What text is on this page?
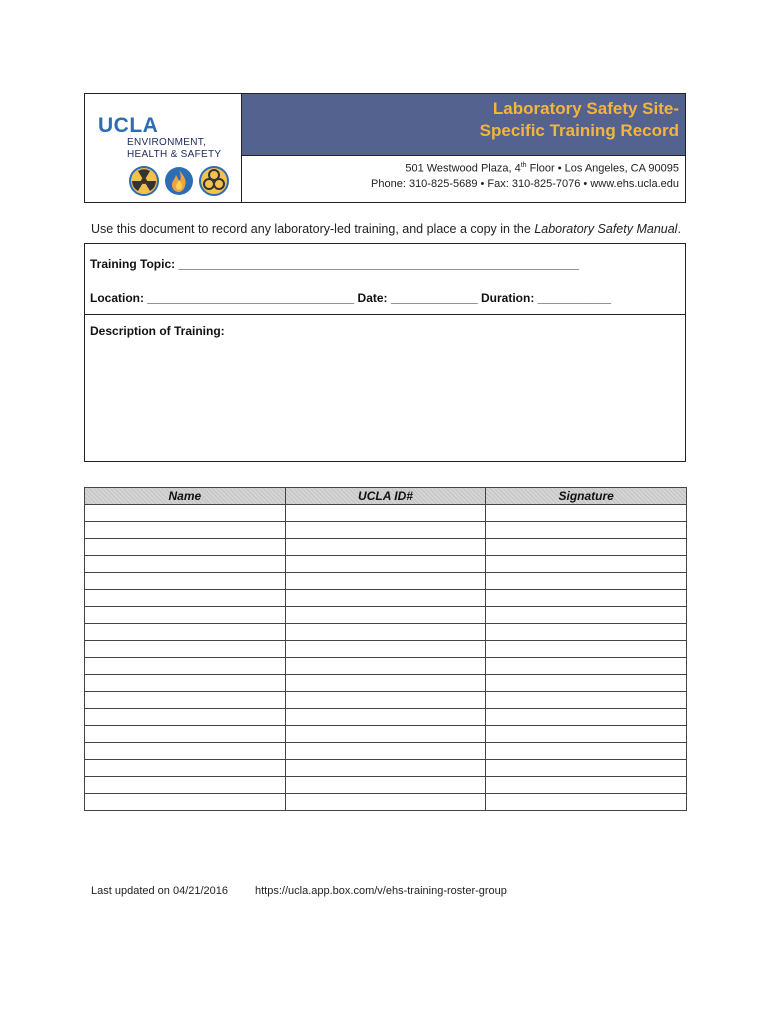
UCLA
ENVIRONMENT,
HEALTH & SAFETY
Laboratory Safety Site-
Specific Training Record
501 Westwood Plaza, 4th Floor • Los Angeles, CA 90095
Phone: 310-825-5689 • Fax: 310-825-7076 • www.ehs.ucla.edu
Use this document to record any laboratory-led training, and place a copy in the Laboratory Safety Manual.
Training Topic: ____________________________________________________________
Location: _______________________________ Date: _____________ Duration: ___________
Description of Training:
Name	UCLA ID#	Signature

Last updated on 04/21/2016 https://ucla.app.box.com/v/ehs-training-roster-group
